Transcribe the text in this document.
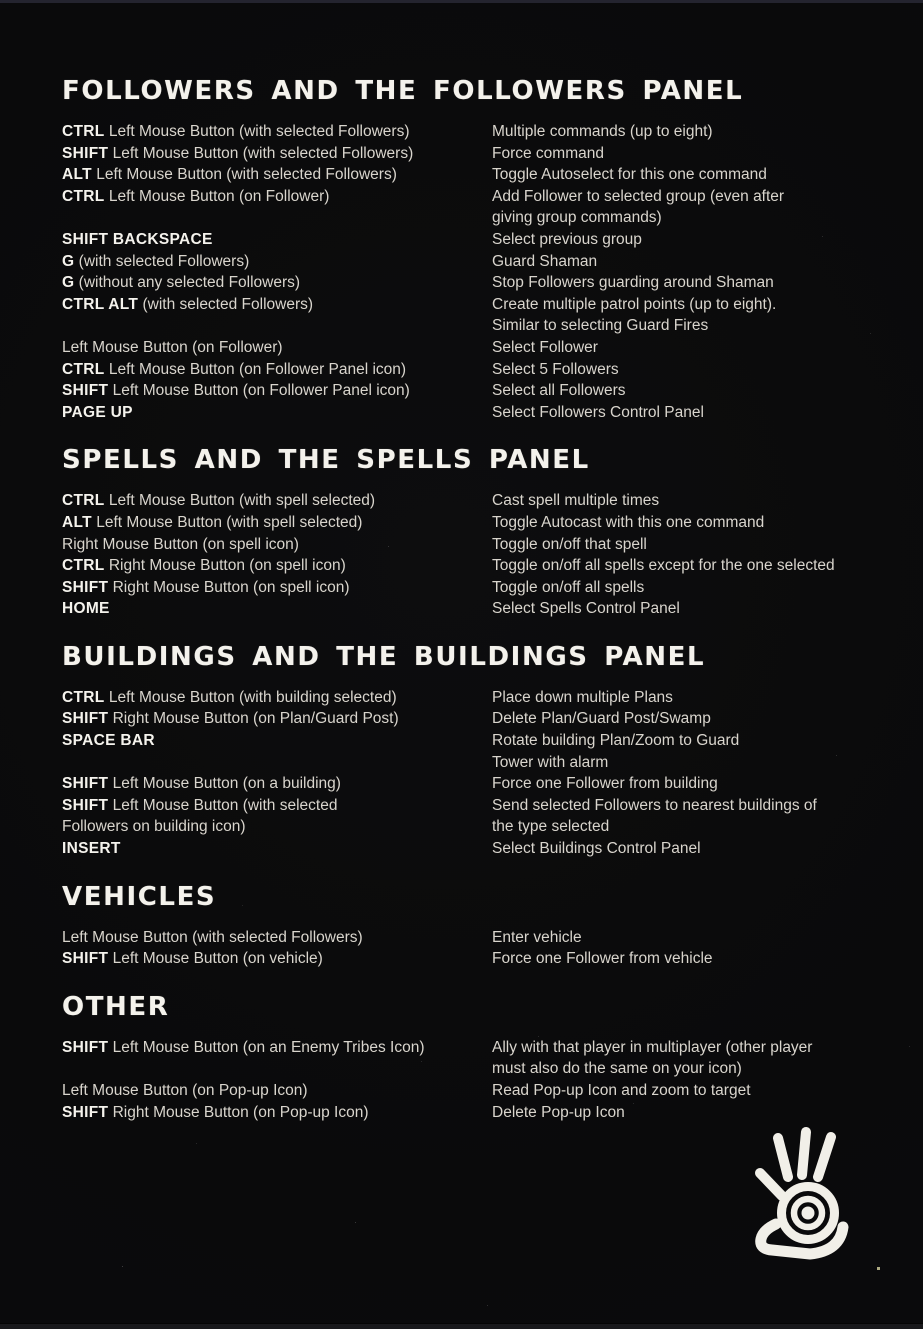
FOLLOWERS AND THE FOLLOWERS PANEL
CTRL Left Mouse Button (with selected Followers)	Multiple commands (up to eight)
SHIFT Left Mouse Button (with selected Followers)	Force command
ALT Left Mouse Button (with selected Followers)	Toggle Autoselect for this one command
CTRL Left Mouse Button (on Follower)	Add Follower to selected group (even after
giving group commands)
SHIFT BACKSPACE	Select previous group
G (with selected Followers)	Guard Shaman
G (without any selected Followers)	Stop Followers guarding around Shaman
CTRL ALT (with selected Followers)	Create multiple patrol points (up to eight).
Similar to selecting Guard Fires
Left Mouse Button (on Follower)	Select Follower
CTRL Left Mouse Button (on Follower Panel icon)	Select 5 Followers
SHIFT Left Mouse Button (on Follower Panel icon)	Select all Followers
PAGE UP	Select Followers Control Panel
SPELLS AND THE SPELLS PANEL
CTRL Left Mouse Button (with spell selected)	Cast spell multiple times
ALT Left Mouse Button (with spell selected)	Toggle Autocast with this one command
Right Mouse Button (on spell icon)	Toggle on/off that spell
CTRL Right Mouse Button (on spell icon)	Toggle on/off all spells except for the one selected
SHIFT Right Mouse Button (on spell icon)	Toggle on/off all spells
HOME	Select Spells Control Panel
BUILDINGS AND THE BUILDINGS PANEL
CTRL Left Mouse Button (with building selected)	Place down multiple Plans
SHIFT Right Mouse Button (on Plan/Guard Post)	Delete Plan/Guard Post/Swamp
SPACE BAR	Rotate building Plan/Zoom to Guard
Tower with alarm
SHIFT Left Mouse Button (on a building)	Force one Follower from building
SHIFT Left Mouse Button (with selected	Send selected Followers to nearest buildings of
Followers on building icon)	the type selected
INSERT	Select Buildings Control Panel
VEHICLES
Left Mouse Button (with selected Followers)	Enter vehicle
SHIFT Left Mouse Button (on vehicle)	Force one Follower from vehicle
OTHER
SHIFT Left Mouse Button (on an Enemy Tribes Icon)	Ally with that player in multiplayer (other player
must also do the same on your icon)
Left Mouse Button (on Pop-up Icon)	Read Pop-up Icon and zoom to target
SHIFT Right Mouse Button (on Pop-up Icon)	Delete Pop-up Icon
